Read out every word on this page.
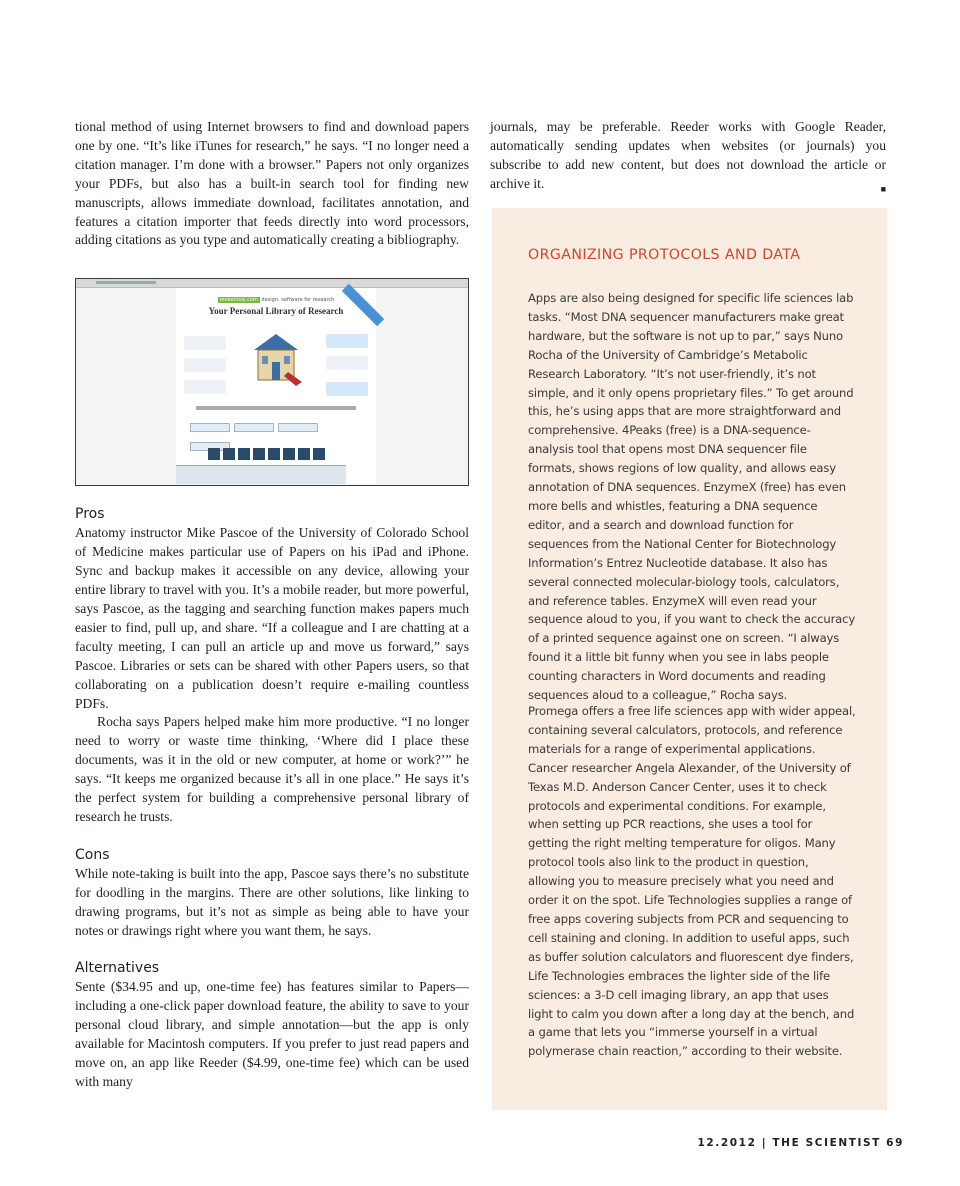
tional method of using Internet browsers to find and download papers one by one. “It’s like iTunes for research,” he says. “I no longer need a citation manager. I’m done with a browser.” Papers not only organizes your PDFs, but also has a built-in search tool for finding new manuscripts, allows immediate download, facilitates annotation, and features a citation importer that feeds directly into word processors, adding citations as you type and automatically creating a bibliography.

mekentosj.com design. software for research
Your Personal Library of Research

Pros

Anatomy instructor Mike Pascoe of the University of Colorado School of Medicine makes particular use of Papers on his iPad and iPhone. Sync and backup makes it accessible on any device, allowing your entire library to travel with you. It’s a mobile reader, but more powerful, says Pascoe, as the tagging and searching function makes papers much easier to find, pull up, and share. “If a colleague and I are chatting at a faculty meeting, I can pull an article up and move us forward,” says Pascoe. Libraries or sets can be shared with other Papers users, so that collaborating on a publication doesn’t require e-mailing countless PDFs.

Rocha says Papers helped make him more productive. “I no longer need to worry or waste time thinking, ‘Where did I place these documents, was it in the old or new computer, at home or work?’” he says. “It keeps me organized because it’s all in one place.” He says it’s the perfect system for building a comprehensive personal library of research he trusts.

Cons

While note-taking is built into the app, Pascoe says there’s no substitute for doodling in the margins. There are other solutions, like linking to drawing programs, but it’s not as simple as being able to have your notes or drawings right where you want them, he says.

Alternatives

Sente ($34.95 and up, one-time fee) has features similar to Papers—including a one-click paper download feature, the ability to save to your personal cloud library, and simple annotation—but the app is only available for Macintosh computers. If you prefer to just read papers and move on, an app like Reeder ($4.99, one-time fee) which can be used with many

journals, may be preferable. Reeder works with Google Reader, automatically sending updates when websites (or journals) you subscribe to add new content, but does not download the article or archive it.	■

ORGANIZING PROTOCOLS AND DATA

Apps are also being designed for specific life sciences lab tasks. “Most DNA sequencer manufacturers make great hardware, but the software is not up to par,” says Nuno Rocha of the University of Cambridge’s Metabolic Research Laboratory. “It’s not user-friendly, it’s not simple, and it only opens proprietary files.” To get around this, he’s using apps that are more straightforward and comprehensive. 4Peaks (free) is a DNA-sequence-analysis tool that opens most DNA sequencer file formats, shows regions of low quality, and allows easy annotation of DNA sequences. EnzymeX (free) has even more bells and whistles, featuring a DNA sequence editor, and a search and download function for sequences from the National Center for Biotechnology Information’s Entrez Nucleotide database. It also has several connected molecular-biology tools, calculators, and reference tables. EnzymeX will even read your sequence aloud to you, if you want to check the accuracy of a printed sequence against one on screen. “I always found it a little bit funny when you see in labs people counting characters in Word documents and reading sequences aloud to a colleague,” Rocha says.

Promega offers a free life sciences app with wider appeal, containing several calculators, protocols, and reference materials for a range of experimental applications. Cancer researcher Angela Alexander, of the University of Texas M.D. Anderson Cancer Center, uses it to check protocols and experimental conditions. For example, when setting up PCR reactions, she uses a tool for getting the right melting temperature for oligos. Many protocol tools also link to the product in question, allowing you to measure precisely what you need and order it on the spot. Life Technologies supplies a range of free apps covering subjects from PCR and sequencing to cell staining and cloning. In addition to useful apps, such as buffer solution calculators and fluorescent dye finders, Life Technologies embraces the lighter side of the life sciences: a 3-D cell imaging library, an app that uses light to calm you down after a long day at the bench, and a game that lets you “immerse yourself in a virtual polymerase chain reaction,” according to their website.

12.2012 | THE SCIENTIST 69
